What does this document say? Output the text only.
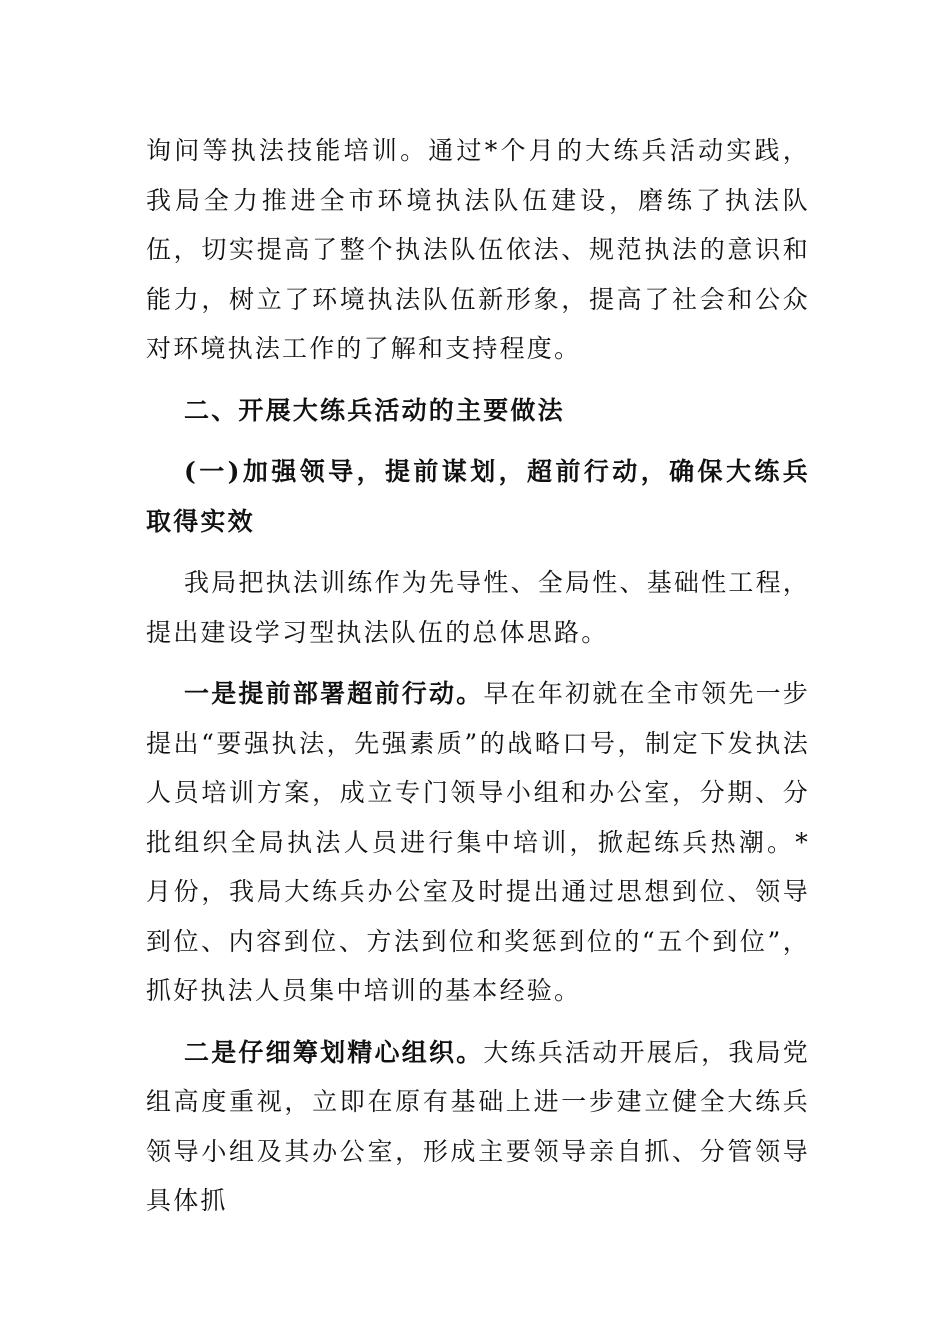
询问等执法技能培训。通过*个月的大练兵活动实践，我局全力推进全市环境执法队伍建设，磨练了执法队伍，切实提高了整个执法队伍依法、规范执法的意识和能力，树立了环境执法队伍新形象，提高了社会和公众对环境执法工作的了解和支持程度。

二、开展大练兵活动的主要做法

(一)加强领导，提前谋划，超前行动，确保大练兵取得实效

我局把执法训练作为先导性、全局性、基础性工程，提出建设学习型执法队伍的总体思路。

一是提前部署超前行动。早在年初就在全市领先一步提出“要强执法，先强素质”的战略口号，制定下发执法人员培训方案，成立专门领导小组和办公室，分期、分批组织全局执法人员进行集中培训，掀起练兵热潮。*月份，我局大练兵办公室及时提出通过思想到位、领导到位、内容到位、方法到位和奖惩到位的“五个到位”，抓好执法人员集中培训的基本经验。

二是仔细筹划精心组织。大练兵活动开展后，我局党组高度重视，立即在原有基础上进一步建立健全大练兵领导小组及其办公室，形成主要领导亲自抓、分管领导具体抓
